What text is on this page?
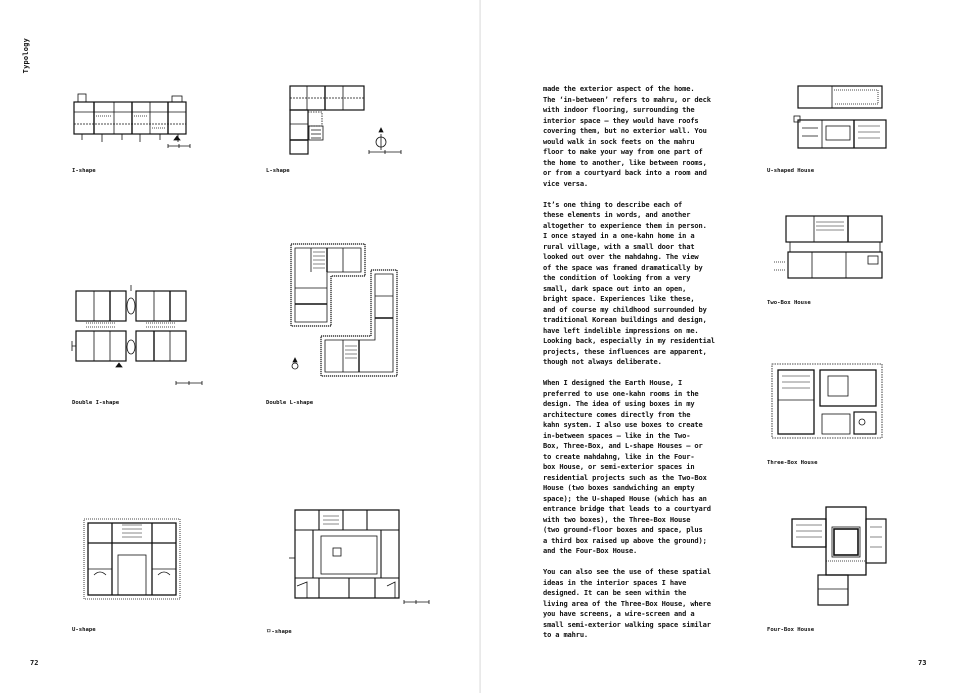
Typology
I-shape	L-shape
Double I-shape	Double L-shape
U-shape	ㅁ-shape
72

made the exterior aspect of the home.
The ‘in-between’ refers to mahru, or deck
with indoor flooring, surrounding the
interior space – they would have roofs
covering them, but no exterior wall. You
would walk in sock feets on the mahru
floor to make your way from one part of
the home to another, like between rooms,
or from a courtyard back into a room and
vice versa.

It’s one thing to describe each of
these elements in words, and another
altogether to experience them in person.
I once stayed in a one-kahn home in a
rural village, with a small door that
looked out over the mahdahng. The view
of the space was framed dramatically by
the condition of looking from a very
small, dark space out into an open,
bright space. Experiences like these,
and of course my childhood surrounded by
traditional Korean buildings and design,
have left indelible impressions on me.
Looking back, especially in my residential
projects, these influences are apparent,
though not always deliberate.

When I designed the Earth House, I
preferred to use one-kahn rooms in the
design. The idea of using boxes in my
architecture comes directly from the
kahn system. I also use boxes to create
in-between spaces – like in the Two-
Box, Three-Box, and L-shape Houses – or
to create mahdahng, like in the Four-
box House, or semi-exterior spaces in
residential projects such as the Two-Box
House (two boxes sandwiching an empty
space); the U-shaped House (which has an
entrance bridge that leads to a courtyard
with two boxes), the Three-Box House
(two ground-floor boxes and space, plus
a third box raised up above the ground);
and the Four-Box House.

You can also see the use of these spatial
ideas in the interior spaces I have
designed. It can be seen within the
living area of the Three-Box House, where
you have screens, a wire-screen and a
small semi-exterior walking space similar
to a mahru.

U-shaped House
Two-Box House
Three-Box House
Four-Box House
73
